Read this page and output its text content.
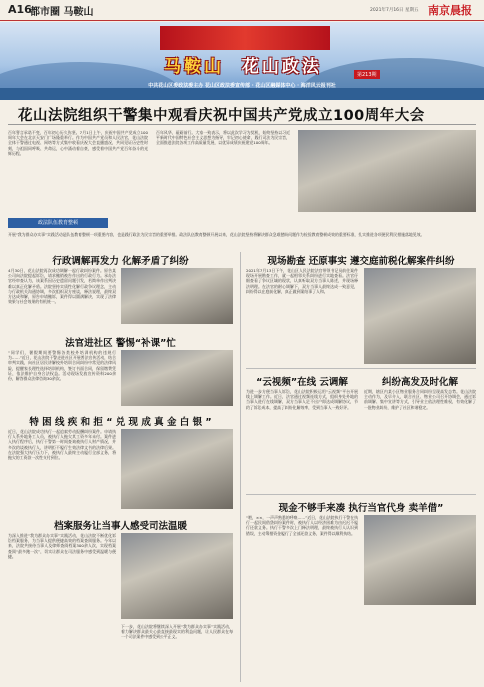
A16
都市圈 马鞍山	2021年7月16日 星期五 南京晨报
马鞍山 花山政法	第213期
中共花山区委政法委主办 花山区政法委宣传部 · 花山区融媒体中心 · 海洋风云报刊社
花山法院组织干警集中观看庆祝中国共产党成立100周年大会
百年誓言承诺不变，百年初心历久弥坚。7月1日上午，庆祝中国共产党成立100周年大会在北京天安门广场隆重举行。作为中国共产党员和人民法官，花山法院全体干警通过电视、网络等方式集中收看庆祝大会直播盛况，共同见证历史性时刻，与祖国同呼吸、共命运，心中涌动着自豪，感受着中国共产党百年奋斗的光辉历程。
百年风华，砥砺前行。大家一致表示，将以此次学习为契机，始终坚持以习近平新时代中国特色社会主义思想为指导，牢记初心使命，践行司法为民宗旨，全面推进法院各项工作高质量发展，以优异成绩庆祝建党100周年。
政法队伍教育整顿
开展“我为群众办实事”实践活动是队伍教育整顿一项重要内容，也是践行政法为民宗旨的重要举措。政法队伍教育整顿开展以来，花山法院坚持将解决群众急难愁盼问题作为检验教育整顿成效的重要标准，扎实推进各项便民利民措施落地见效。
行政调解再发力 化解矛盾了纠纷
4月30日，花山法院再次成功调解一起行政纠纷案件。原告某公司向法院提起诉讼，请求撤销被告作出的行政行为。承办法官经审查认为，该案系因历史遗留问题引发，若简单作出判决难以真正化解矛盾。法院坚持实质性化解行政争议理念，主动与行政机关沟通协调，多次组织双方座谈，释法说理，最终双方达成和解，原告申请撤诉，案件得以圆满解决，实现了法律效果与社会效果的有机统一。
法官进社区 警惕“补课”忙
“同学们，暑假期间要警惕各类校外培训机构的违规行为……”近日，花山法院干警走进社区开展普法宣传活动，结合审判实践，向社区居民讲解校外培训合同纠纷中常见的法律风险，提醒家长理性选择培训机构，签订书面合同，保留缴费凭证，依法维护自身合法权益。活动现场发放宣传资料200余份，解答群众法律咨询30余次。
特 困 线 疾 和 拒 “ 兑 现 成 真 金 白 银 ”
近日，花山法院成功执行一起追索劳动报酬纠纷案件。申请执行人系外地务工人员，被执行人拖欠其工资多年未付。案件进入执行程序后，执行干警第一时间查询被执行人财产情况，并多次约谈被执行人，讲明拒不履行生效法律文书的法律后果。在法院强大执行压力下，被执行人最终主动履行全部义务，将拖欠的工资款一次性支付到位。
档案服务让当事人感受司法温暖
为深入推进“我为群众办实事”实践活动，花山法院不断优化诉讼档案服务，为当事人提供便捷高效的档案查阅服务。今年以来，法院共接待当事人及律师查阅档案300余人次，实现档案查阅“最多跑一次”，切实让群众在司法服务中感受到温暖与便捷。
下一步，花山法院将继续深入开展“我为群众办实事”实践活动，着力解决群众最关心最直接最现实的利益问题，让人民群众在每一个司法案件中感受到公平正义。
现场勘查 还原事实 遵交庭前税化解案件纠纷
2021年7月13日下午，花山区人民法院法官带领书记员前往案件现场开展勘查工作，就一起相邻关系纠纷进行实地查看。法官仔细查看了争议区域的现状，认真听取双方当事人陈述，并现场释法明理。在法官的耐心调解下，双方当事人最终达成一致意见，纠纷得以在庭前化解，真正做到案结事了人和。
“云视频”在线 云调解
为进一步方便当事人诉讼，花山法院积极运用“云视频”平台开展线上调解工作。近日，法官通过视频连线方式，组织身处外地的当事人进行在线调解，双方当事人足不出户即达成调解协议，节约了诉讼成本，提高了纠纷化解效率，受到当事人一致好评。
纠纷高发及时化解
近期，辖区内某小区物业服务合同纠纷呈现高发态势。花山法院主动作为，及早介入，联合社区、物业公司召开协调会，通过诉前调解、集中宣讲等方式，引导业主依法理性维权，有效化解了一批物业纠纷，维护了社区和谐稳定。
现金不够手来凑 执行当官代身 卖羊借”
“喂，××，一声声熟悉的呼唤……”近日，花山法院执行干警在执行一起民间借贷纠纷案件时，被执行人以经济困难为由迟迟不履行还款义务。执行干警多次上门释法明理，最终被执行人认识到错误，主动筹措资金履行了全部还款义务，案件得以顺利执结。
